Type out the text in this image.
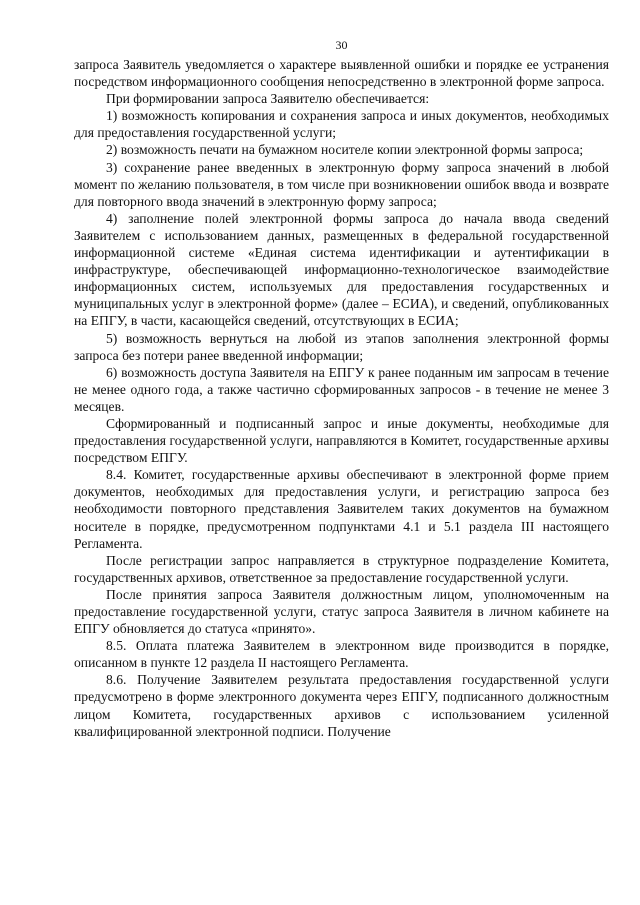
30

запроса Заявитель уведомляется о характере выявленной ошибки и порядке ее устранения посредством информационного сообщения непосредственно в электронной форме запроса.

При формировании запроса Заявителю обеспечивается:

1) возможность копирования и сохранения запроса и иных документов, необходимых для предоставления государственной услуги;

2) возможность печати на бумажном носителе копии электронной формы запроса;

3) сохранение ранее введенных в электронную форму запроса значений в любой момент по желанию пользователя, в том числе при возникновении ошибок ввода и возврате для повторного ввода значений в электронную форму запроса;

4) заполнение полей электронной формы запроса до начала ввода сведений Заявителем с использованием данных, размещенных в федеральной государственной информационной системе «Единая система идентификации и аутентификации в инфраструктуре, обеспечивающей информационно-технологическое взаимодействие информационных систем, используемых для предоставления государственных и муниципальных услуг в электронной форме» (далее – ЕСИА), и сведений, опубликованных на ЕПГУ, в части, касающейся сведений, отсутствующих в ЕСИА;

5) возможность вернуться на любой из этапов заполнения электронной формы запроса без потери ранее введенной информации;

6) возможность доступа Заявителя на ЕПГУ к ранее поданным им запросам в течение не менее одного года, а также частично сформированных запросов - в течение не менее 3 месяцев.

Сформированный и подписанный запрос и иные документы, необходимые для предоставления государственной услуги, направляются в Комитет, государственные архивы посредством ЕПГУ.

8.4. Комитет, государственные архивы обеспечивают в электронной форме прием документов, необходимых для предоставления услуги, и регистрацию запроса без необходимости повторного представления Заявителем таких документов на бумажном носителе в порядке, предусмотренном подпунктами 4.1 и 5.1 раздела III настоящего Регламента.

После регистрации запрос направляется в структурное подразделение Комитета, государственных архивов, ответственное за предоставление государственной услуги.

После принятия запроса Заявителя должностным лицом, уполномоченным на предоставление государственной услуги, статус запроса Заявителя в личном кабинете на ЕПГУ обновляется до статуса «принято».

8.5. Оплата платежа Заявителем в электронном виде производится в порядке, описанном в пункте 12 раздела II настоящего Регламента.

8.6. Получение Заявителем результата предоставления государственной услуги предусмотрено в форме электронного документа через ЕПГУ, подписанного должностным лицом Комитета, государственных архивов с использованием усиленной квалифицированной электронной подписи. Получение
